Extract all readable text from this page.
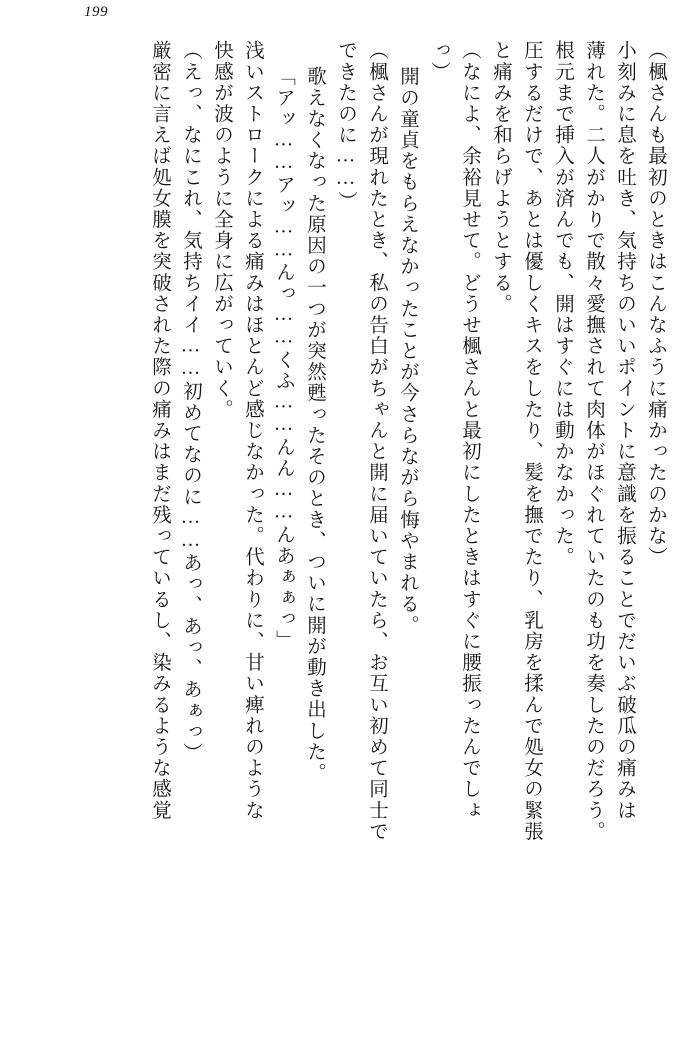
199
（楓さんも最初のときはこんなふうに痛かったのかな）
小刻みに息を吐き、気持ちのいいポイントに意識を振ることでだいぶ破瓜の痛みは
薄れた。二人がかりで散々愛撫されて肉体がほぐれていたのも功を奏したのだろう。
根元まで挿入が済んでも、開はすぐには動かなかった。
圧するだけで、あとは優しくキスをしたり、髪を撫でたり、乳房を揉んで処女の緊張
と痛みを和らげようとする。
（なによ、余裕見せて。どうせ楓さんと最初にしたときはすぐに腰振ったんでしょ
っ）
開の童貞をもらえなかったことが今さらながら悔やまれる。
（楓さんが現れたとき、私の告白がちゃんと開に届いていたら、お互い初めて同士で
できたのに……）
歌えなくなった原因の一つが突然甦ったそのとき、ついに開が動き出した。
「アッ……アッ……んっ……くふ……んん……んあぁぁっ」
浅いストロークによる痛みはほとんど感じなかった。代わりに、甘い痺れのような
快感が波のように全身に広がっていく。
（えっ、なにこれ、気持ちイイ……初めてなのに……あっ、あっ、あぁっ）
厳密に言えば処女膜を突破された際の痛みはまだ残っているし、染みるような感覚
